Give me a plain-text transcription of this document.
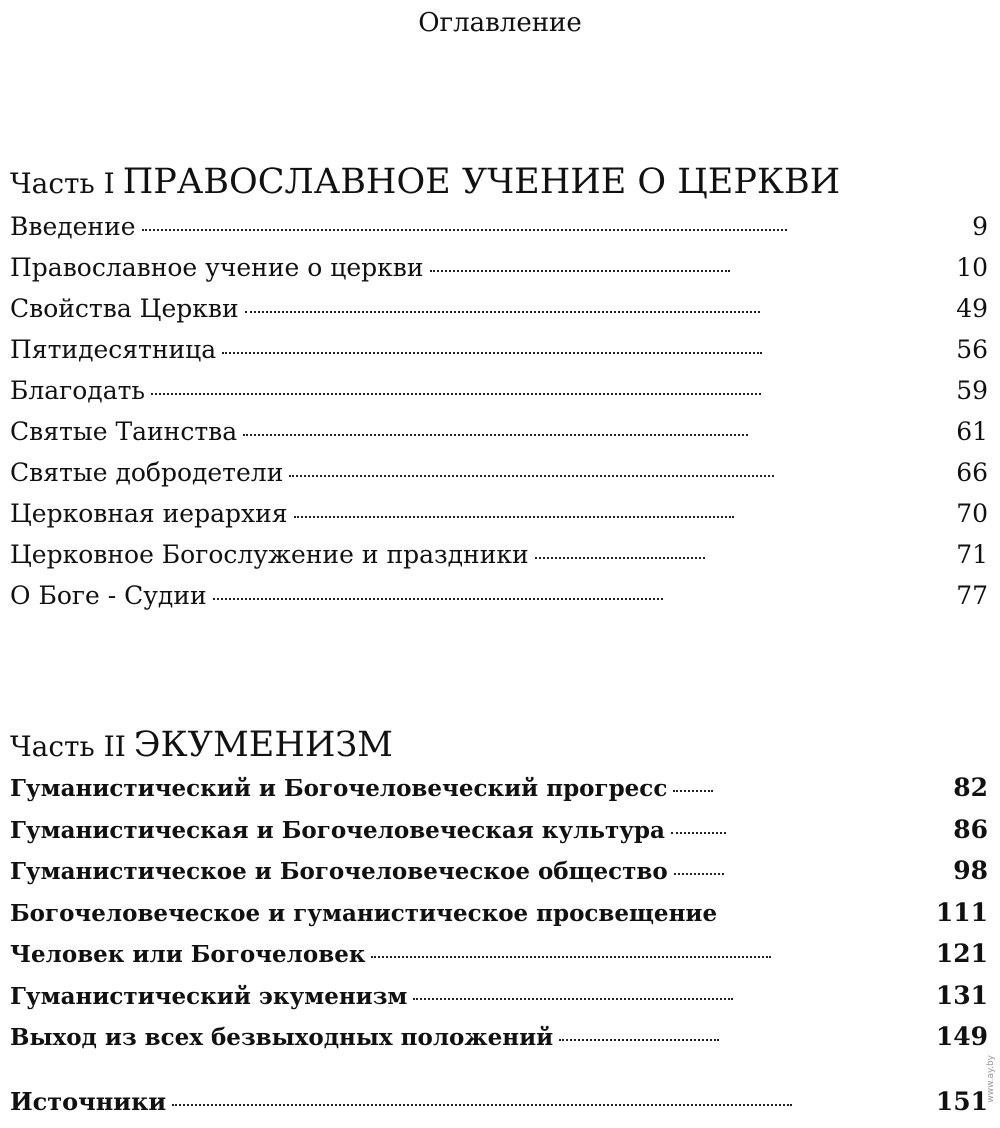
Оглавление
Часть I ПРАВОСЛАВНОЕ УЧЕНИЕ О ЦЕРКВИ
Введение	9
Православное учение о церкви	10
Свойства Церкви	49
Пятидесятница	56
Благодать	59
Святые Таинства	61
Святые добродетели	66
Церковная иерархия	70
Церковное Богослужение и праздники	71
О Боге - Судии	77
Часть II ЭКУМЕНИЗМ
Гуманистический и Богочеловеческий прогресс	82
Гуманистическая и Богочеловеческая культура	86
Гуманистическое и Богочеловеческое общество	98
Богочеловеческое и гуманистическое просвещение	111
Человек или Богочеловек	121
Гуманистический экуменизм	131
Выход из всех безвыходных положений	149
Источники	151
www.ay.by
